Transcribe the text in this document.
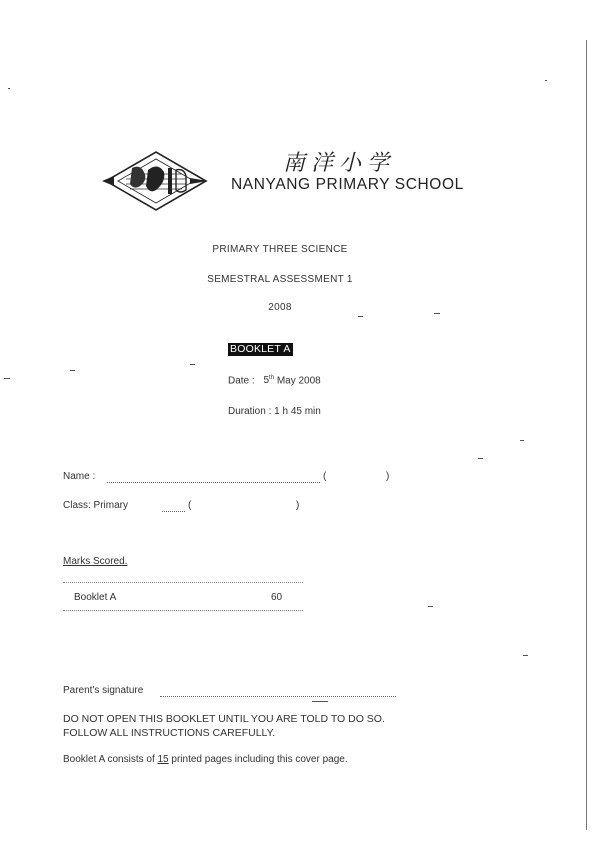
南洋小学
NANYANG PRIMARY SCHOOL
PRIMARY THREE SCIENCE
SEMESTRAL ASSESSMENT 1
2008
BOOKLET A
Date : 5th May 2008
Duration : 1 h 45 min
Name :	(	)
Class: Primary	(	)
Marks Scored.
Booklet A	60
Parent's signature
DO NOT OPEN THIS BOOKLET UNTIL YOU ARE TOLD TO DO SO.
FOLLOW ALL INSTRUCTIONS CAREFULLY.
Booklet A consists of 15 printed pages including this cover page.
